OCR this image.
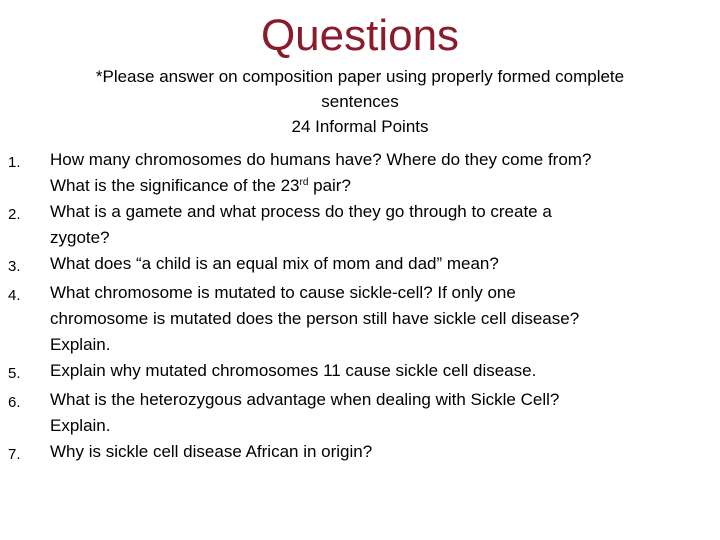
Questions
*Please answer on composition paper using properly formed complete
sentences
24 Informal Points
1.	How many chromosomes do humans have? Where do they come from?
What is the significance of the 23rd pair?
2.	What is a gamete and what process do they go through to create a
zygote?
3.	What does “a child is an equal mix of mom and dad” mean?
4.	What chromosome is mutated to cause sickle-cell? If only one
chromosome is mutated does the person still have sickle cell disease?
Explain.
5.	Explain why mutated chromosomes 11 cause sickle cell disease.
6.	What is the heterozygous advantage when dealing with Sickle Cell?
Explain.
7.	Why is sickle cell disease African in origin?
